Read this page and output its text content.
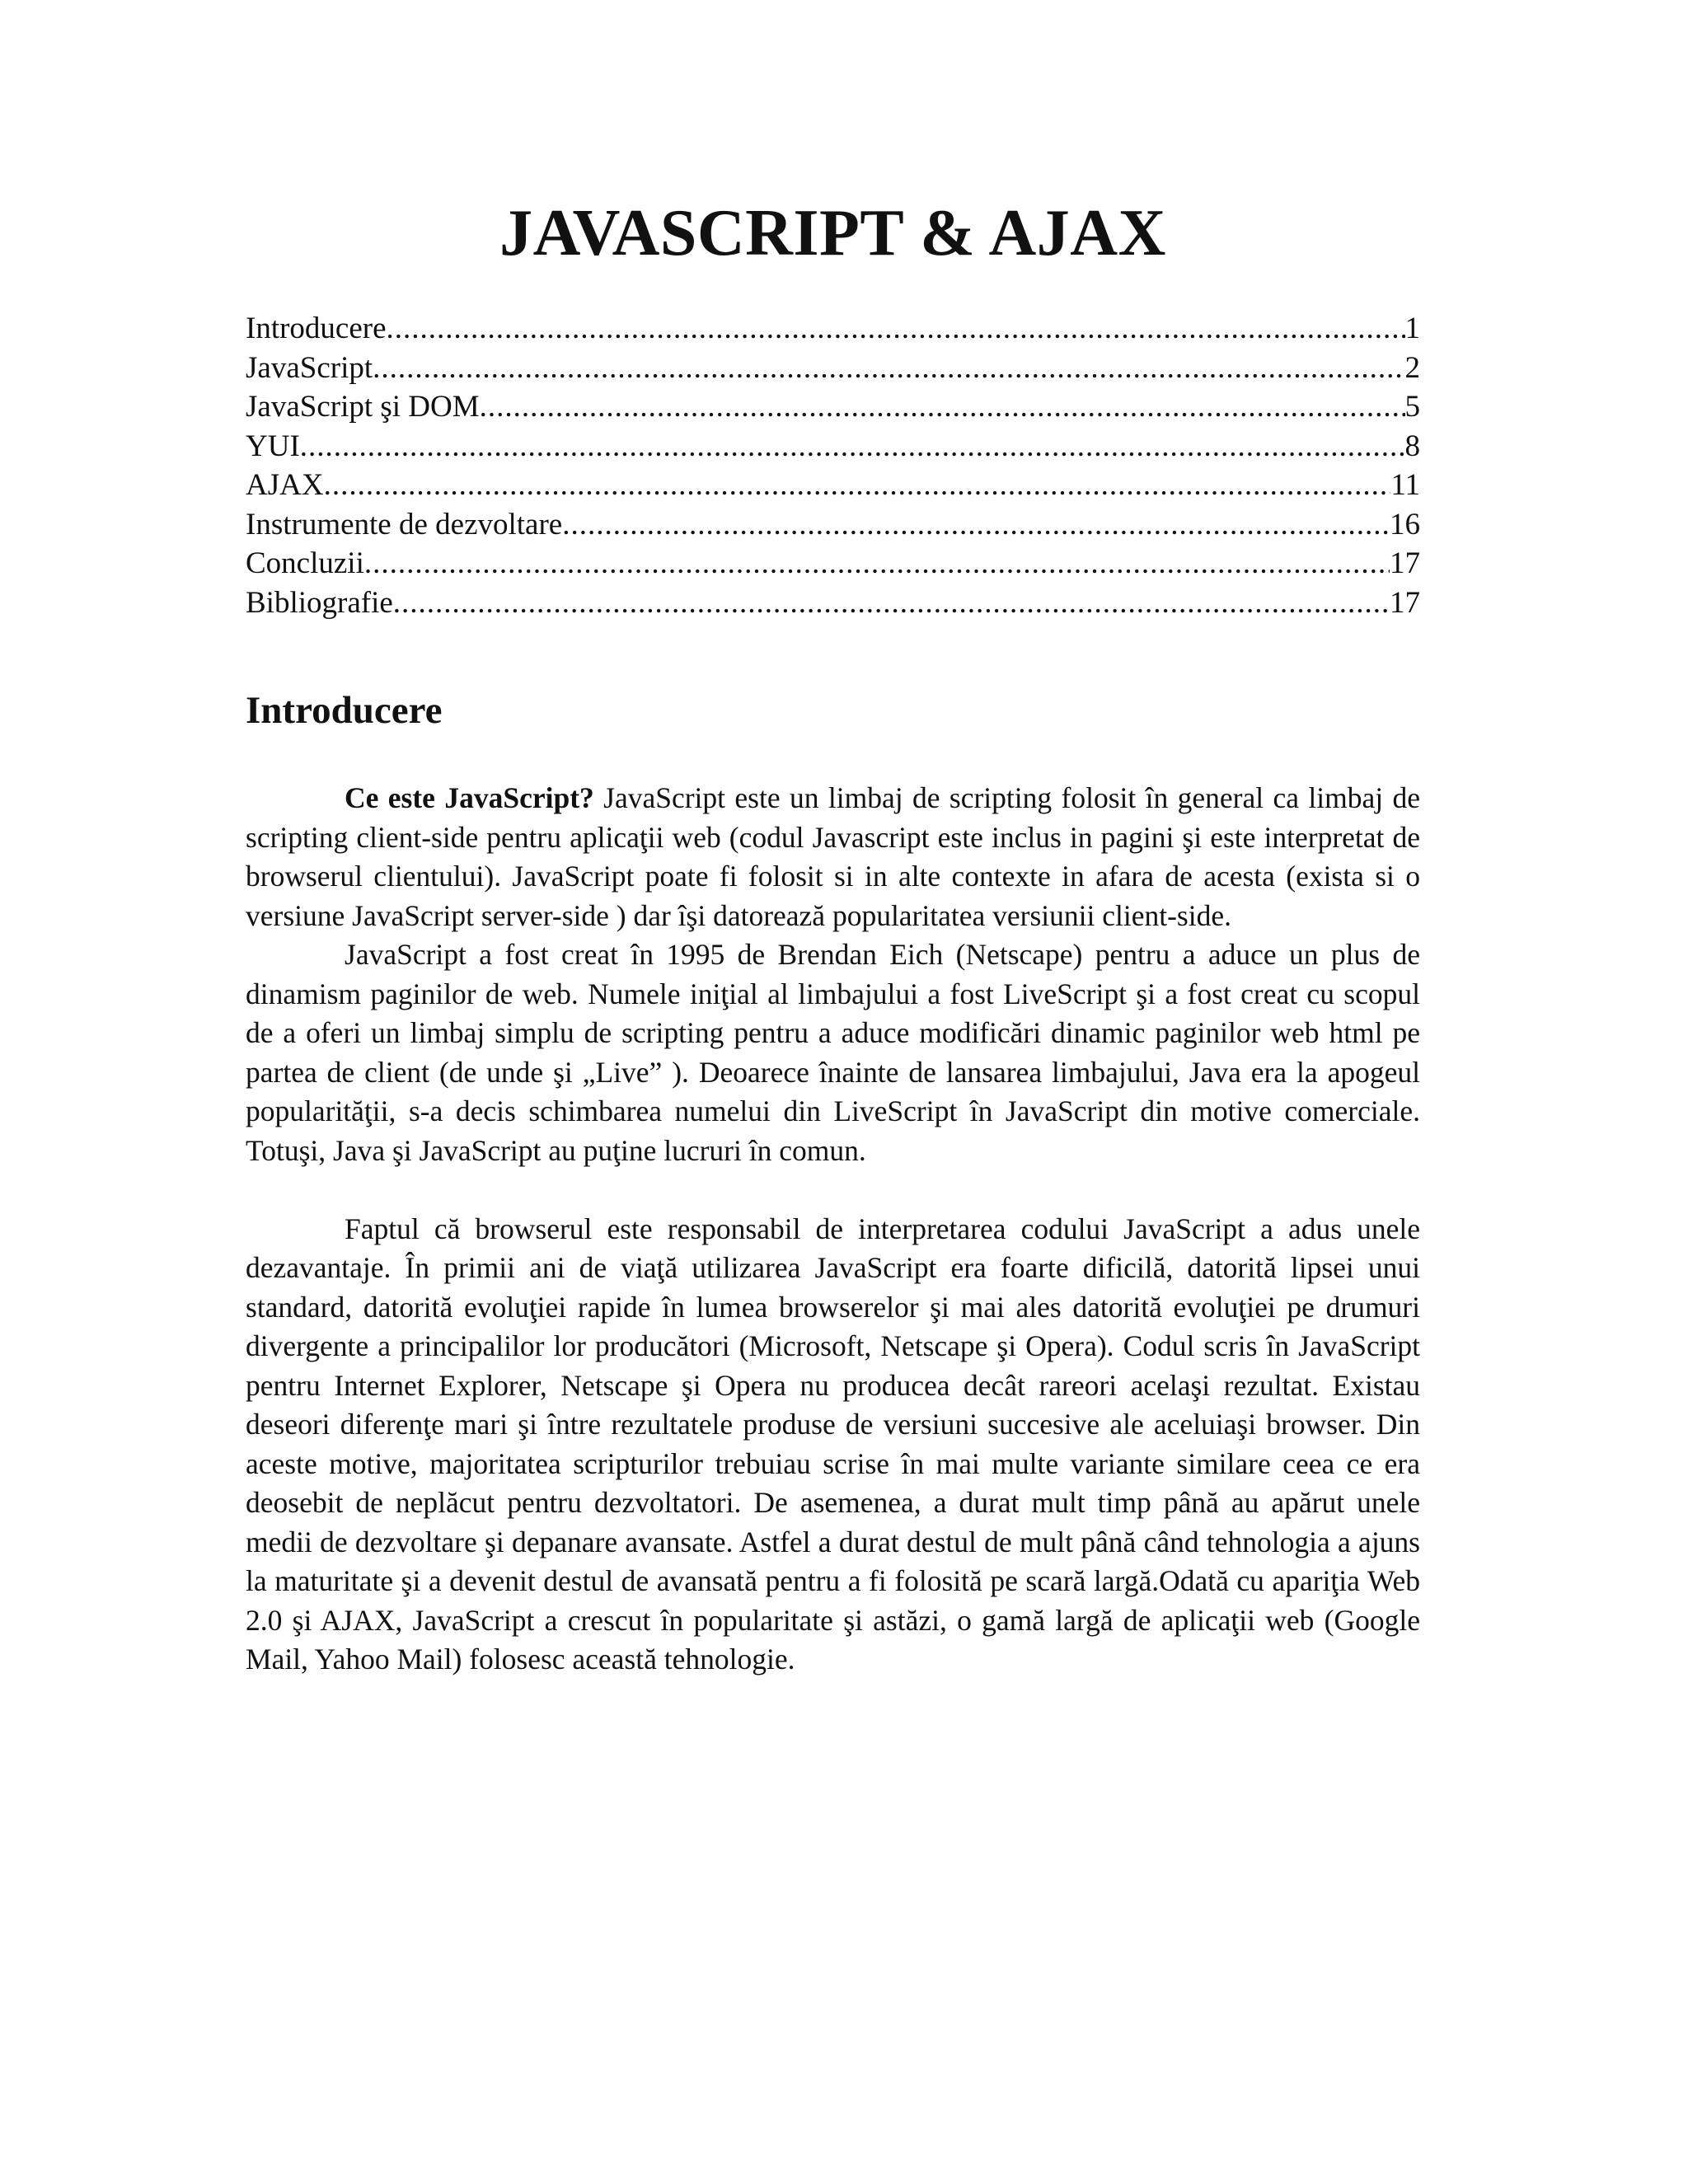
JAVASCRIPT & AJAX
Introducere .....	1
JavaScript .....	2
JavaScript şi DOM .....	5
YUI .....	8
AJAX .....	11
Instrumente de dezvoltare .....	16
Concluzii .....	17
Bibliografie .....	17
Introducere

Ce este JavaScript? JavaScript este un limbaj de scripting folosit în general ca limbaj de scripting client-side pentru aplicaţii web (codul Javascript este inclus in pagini şi este interpretat de browserul clientului). JavaScript poate fi folosit si in alte contexte in afara de acesta (exista si o versiune JavaScript server-side ) dar îşi datorează popularitatea versiunii client-side.

JavaScript a fost creat în 1995 de Brendan Eich (Netscape) pentru a aduce un plus de dinamism paginilor de web. Numele iniţial al limbajului a fost LiveScript şi a fost creat cu scopul de a oferi un limbaj simplu de scripting pentru a aduce modificări dinamic paginilor web html pe partea de client (de unde şi „Live” ). Deoarece înainte de lansarea limbajului, Java era la apogeul popularităţii, s-a decis schimbarea numelui din LiveScript în JavaScript din motive comerciale. Totuşi, Java şi JavaScript au puţine lucruri în comun.

Faptul că browserul este responsabil de interpretarea codului JavaScript a adus unele dezavantaje. În primii ani de viaţă utilizarea JavaScript era foarte dificilă, datorită lipsei unui standard, datorită evoluţiei rapide în lumea browserelor şi mai ales datorită evoluţiei pe drumuri divergente a principalilor lor producători (Microsoft, Netscape şi Opera). Codul scris în JavaScript pentru Internet Explorer, Netscape şi Opera nu producea decât rareori acelaşi rezultat. Existau deseori diferenţe mari şi între rezultatele produse de versiuni succesive ale aceluiaşi browser. Din aceste motive, majoritatea scripturilor trebuiau scrise în mai multe variante similare ceea ce era deosebit de neplăcut pentru dezvoltatori. De asemenea, a durat mult timp până au apărut unele medii de dezvoltare şi depanare avansate. Astfel a durat destul de mult până când tehnologia a ajuns la maturitate şi a devenit destul de avansată pentru a fi folosită pe scară largă.Odată cu apariţia Web 2.0 şi AJAX, JavaScript a crescut în popularitate şi astăzi, o gamă largă de aplicaţii web (Google Mail, Yahoo Mail) folosesc această tehnologie.
